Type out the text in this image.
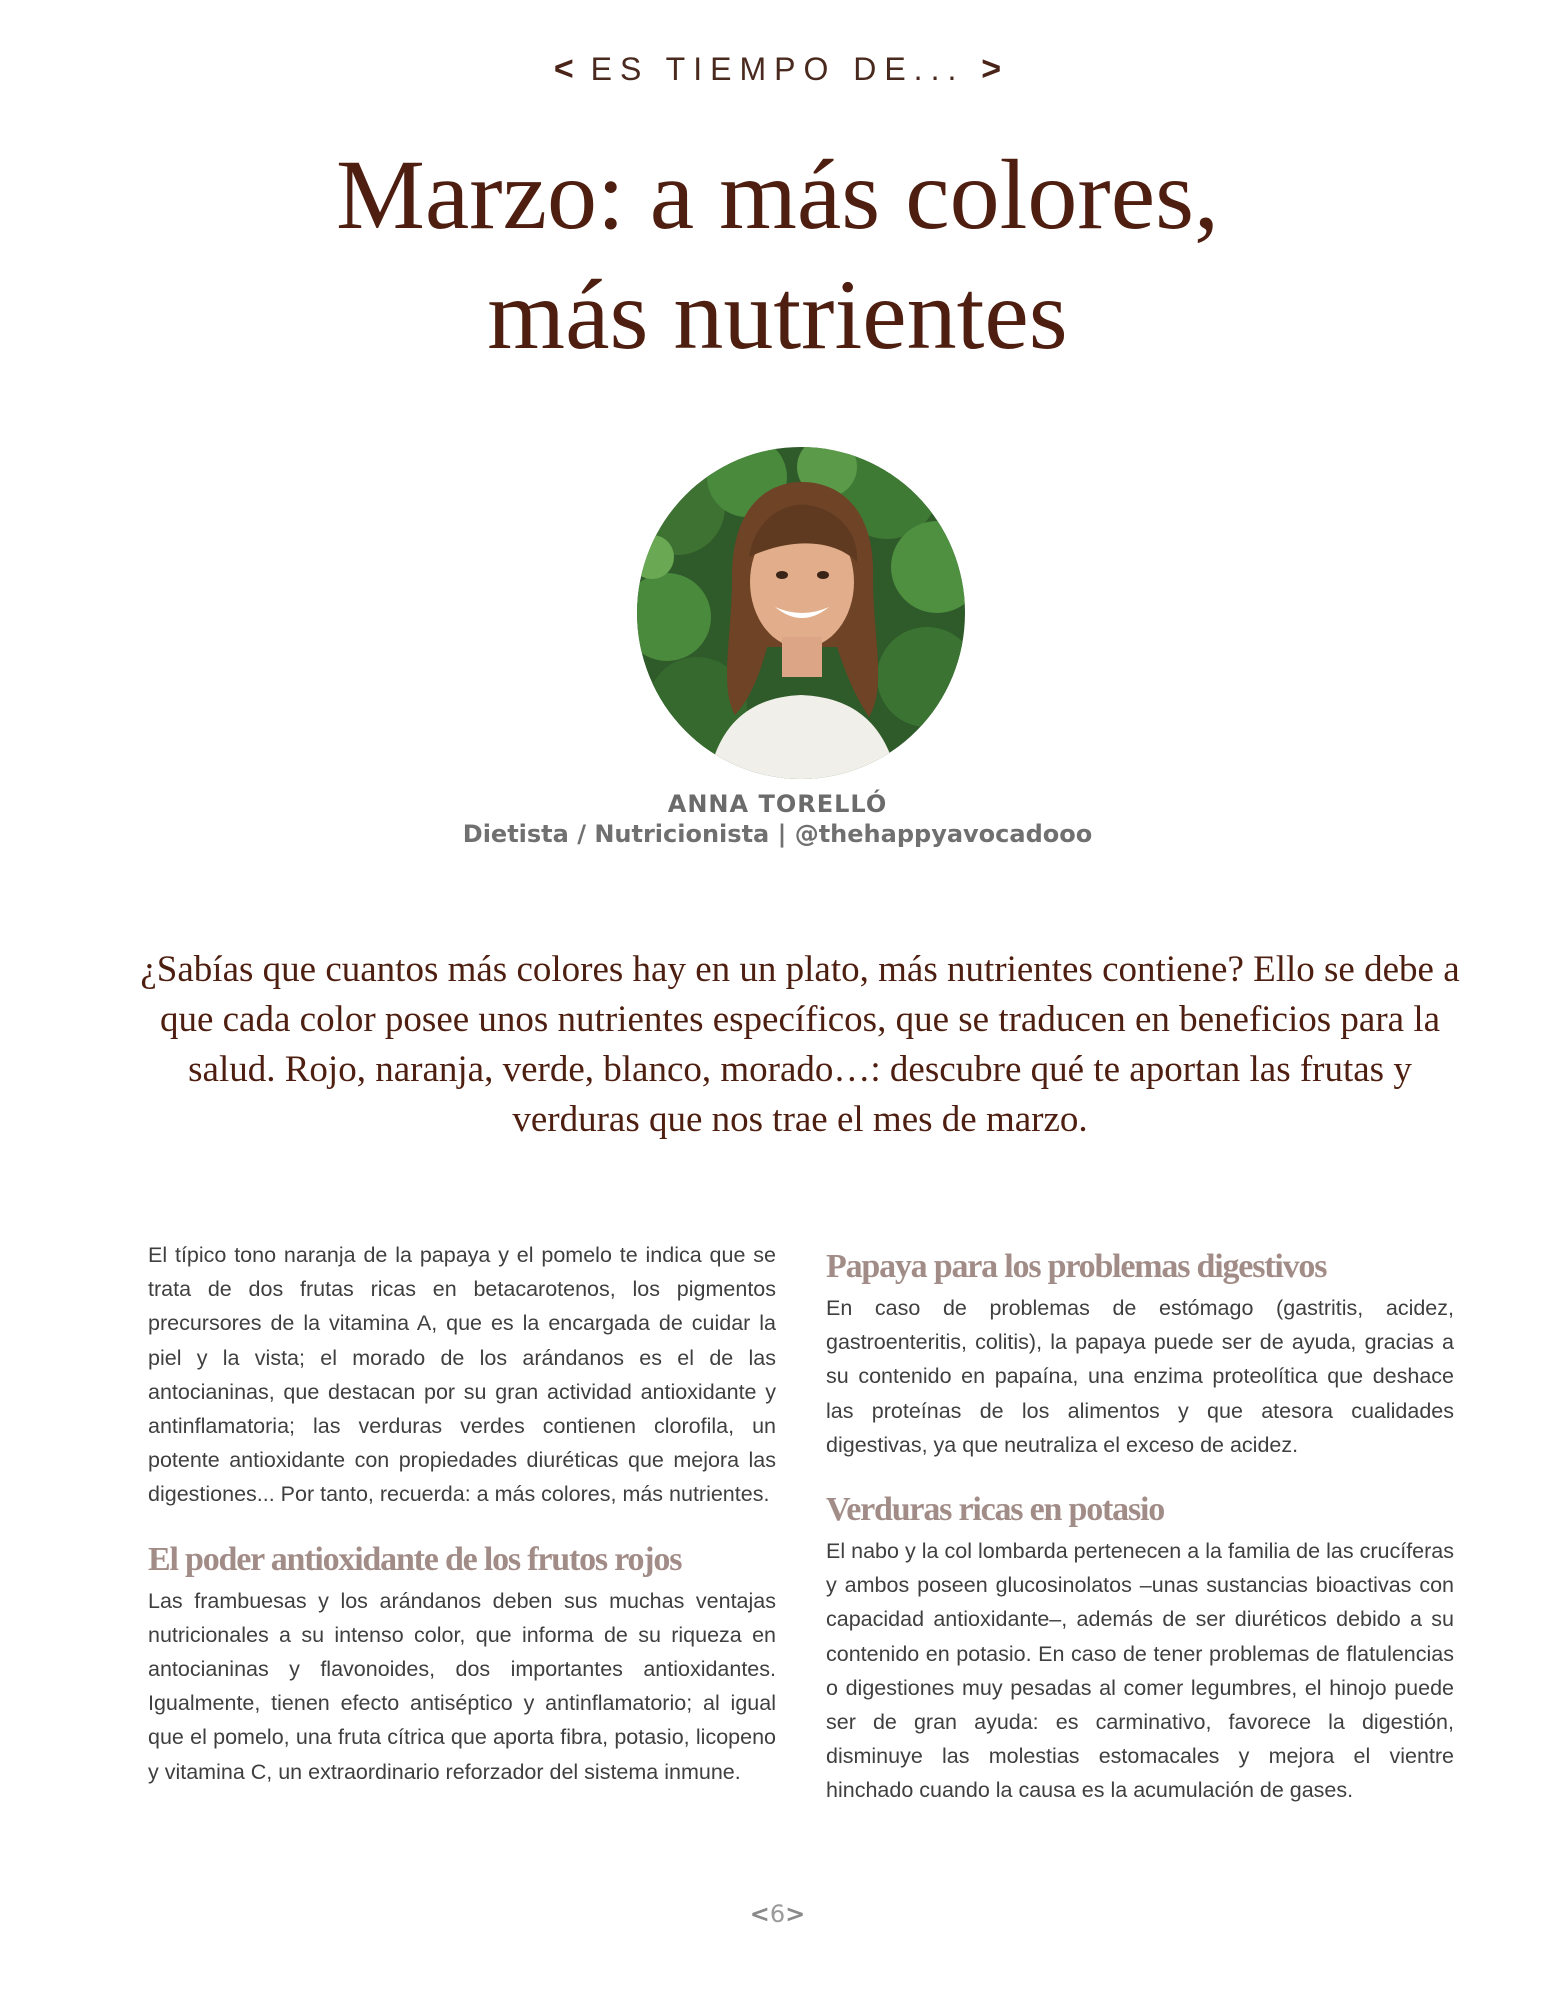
< ES TIEMPO DE... >
Marzo: a más colores,
más nutrientes
ANNA TORELLÓ
Dietista / Nutricionista | @thehappyavocadooo

¿Sabías que cuantos más colores hay en un plato, más nutrientes contiene? Ello se debe a que cada color posee unos nutrientes específicos, que se traducen en beneficios para la salud. Rojo, naranja, verde, blanco, morado…: descubre qué te aportan las frutas y verduras que nos trae el mes de marzo.

El típico tono naranja de la papaya y el pomelo te indica que se trata de dos frutas ricas en betacarotenos, los pigmentos precursores de la vitamina A, que es la encargada de cuidar la piel y la vista; el morado de los arándanos es el de las antocianinas, que destacan por su gran actividad antioxidante y antinflamatoria; las verduras verdes contienen clorofila, un potente antioxidante con propiedades diuréticas que mejora las digestiones... Por tanto, recuerda: a más colores, más nutrientes.

El poder antioxidante de los frutos rojos

Las frambuesas y los arándanos deben sus muchas ventajas nutricionales a su intenso color, que informa de su riqueza en antocianinas y flavonoides, dos importantes antioxidantes. Igualmente, tienen efecto antiséptico y antinflamatorio; al igual que el pomelo, una fruta cítrica que aporta fibra, potasio, licopeno y vitamina C, un extraordinario reforzador del sistema inmune.

Papaya para los problemas digestivos

En caso de problemas de estómago (gastritis, acidez, gastroenteritis, colitis), la papaya puede ser de ayuda, gracias a su contenido en papaína, una enzima proteolítica que deshace las proteínas de los alimentos y que atesora cualidades digestivas, ya que neutraliza el exceso de acidez.

Verduras ricas en potasio

El nabo y la col lombarda pertenecen a la familia de las crucíferas y ambos poseen glucosinolatos –unas sustancias bioactivas con capacidad antioxidante–, además de ser diuréticos debido a su contenido en potasio. En caso de tener problemas de flatulencias o digestiones muy pesadas al comer legumbres, el hinojo puede ser de gran ayuda: es carminativo, favorece la digestión, disminuye las molestias estomacales y mejora el vientre hinchado cuando la causa es la acumulación de gases.

<6>
